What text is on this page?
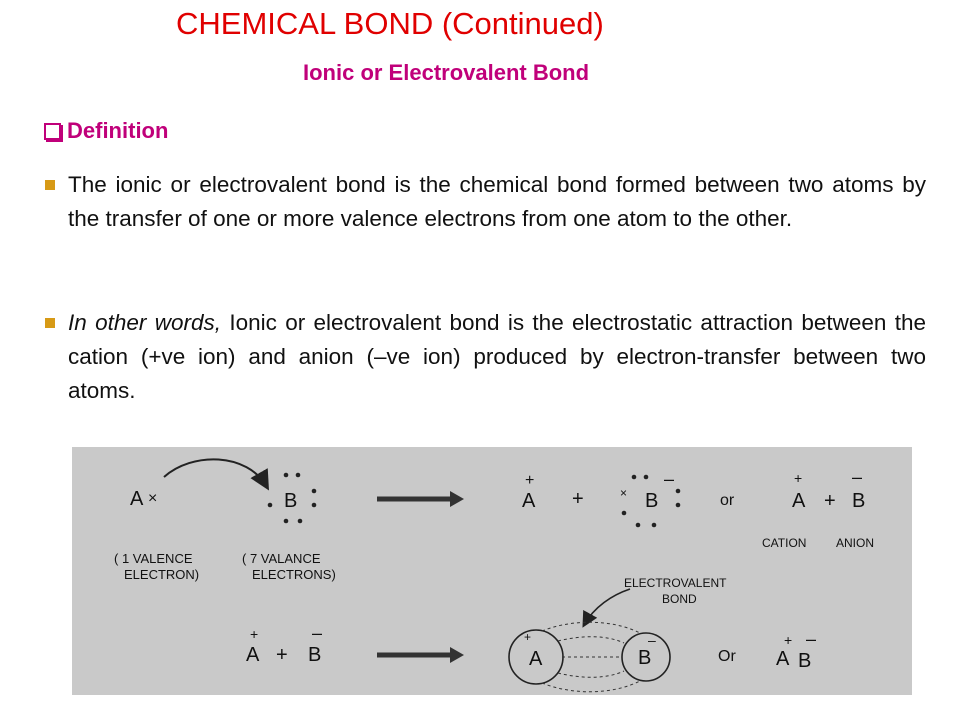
CHEMICAL BOND (Continued)
Ionic or Electrovalent Bond
Definition
The ionic or electrovalent bond is the chemical bond formed between two atoms by the transfer of one or more valence electrons from one atom to the other.
In other words, Ionic or electrovalent bond is the electrostatic attraction between the cation (+ve ion) and anion (–ve ion) produced by electron-transfer between two atoms.
A ×	B
( 1 VALENCE
ELECTRON)
( 7 VALANCE
ELECTRONS)
+
A +	× B
–
or
+
A +
–
B
CATION ANION
ELECTROVALENT
BOND
+
A +
–
B
+
A	B
–
Or
+
A
–
B
